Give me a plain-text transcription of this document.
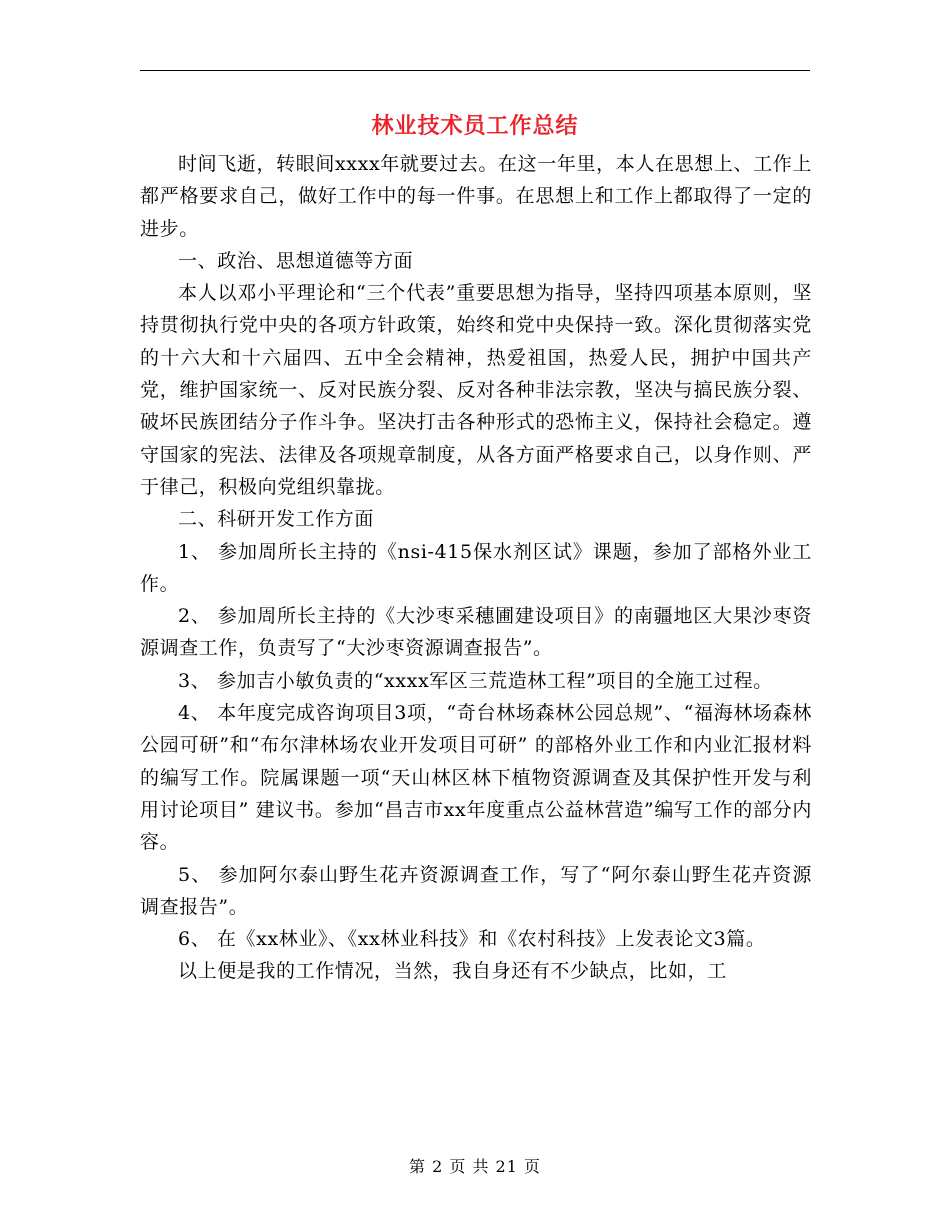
林业技术员工作总结

时间飞逝，转眼间xxxx年就要过去。在这一年里，本人在思想上、工作上都严格要求自己，做好工作中的每一件事。在思想上和工作上都取得了一定的进步。

一、政治、思想道德等方面

本人以邓小平理论和“三个代表”重要思想为指导，坚持四项基本原则，坚持贯彻执行党中央的各项方针政策，始终和党中央保持一致。深化贯彻落实党的十六大和十六届四、五中全会精神，热爱祖国，热爱人民，拥护中国共产党，维护国家统一、反对民族分裂、反对各种非法宗教，坚决与搞民族分裂、破坏民族团结分子作斗争。坚决打击各种形式的恐怖主义，保持社会稳定。遵守国家的宪法、法律及各项规章制度，从各方面严格要求自己，以身作则、严于律己，积极向党组织靠拢。

二、科研开发工作方面

1、 参加周所长主持的《nsi-415保水剂区试》课题，参加了部格外业工作。

2、 参加周所长主持的《大沙枣采穗圃建设项目》的南疆地区大果沙枣资源调查工作，负责写了“大沙枣资源调查报告”。

3、 参加吉小敏负责的“xxxx军区三荒造林工程”项目的全施工过程。

4、 本年度完成咨询项目3项，“奇台林场森林公园总规”、“福海林场森林公园可研”和“布尔津林场农业开发项目可研” 的部格外业工作和内业汇报材料的编写工作。院属课题一项“天山林区林下植物资源调查及其保护性开发与利用讨论项目” 建议书。参加“昌吉市xx年度重点公益林营造”编写工作的部分内容。

5、 参加阿尔泰山野生花卉资源调查工作，写了“阿尔泰山野生花卉资源调查报告”。

6、 在《xx林业》、《xx林业科技》和《农村科技》上发表论文3篇。

以上便是我的工作情况，当然，我自身还有不少缺点，比如，工

第 2 页 共 21 页
